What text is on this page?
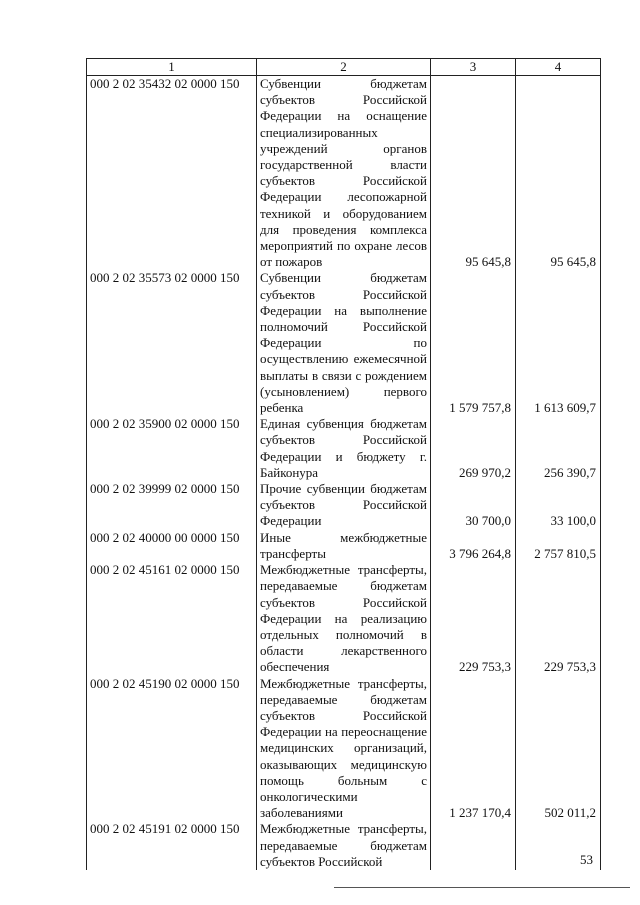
1	2	3	4
000 2 02 35432 02 0000 150	Субвенции бюджетам субъектов Российской Федерации на оснащение специализированных учреждений органов государственной власти субъектов Российской Федерации лесопожарной техникой и оборудованием для проведения комплекса мероприятий по охране лесов от пожаров	95 645,8	95 645,8
000 2 02 35573 02 0000 150	Субвенции бюджетам субъектов Российской Федерации на выполнение полномочий Российской Федерации по осуществлению ежемесячной выплаты в связи с рождением (усыновлением) первого ребенка	1 579 757,8	1 613 609,7
000 2 02 35900 02 0000 150	Единая субвенция бюджетам субъектов Российской Федерации и бюджету г. Байконура	269 970,2	256 390,7
000 2 02 39999 02 0000 150	Прочие субвенции бюджетам субъектов Российской Федерации	30 700,0	33 100,0
000 2 02 40000 00 0000 150	Иные межбюджетные трансферты	3 796 264,8	2 757 810,5
000 2 02 45161 02 0000 150	Межбюджетные трансферты, передаваемые бюджетам субъектов Российской Федерации на реализацию отдельных полномочий в области лекарственного обеспечения	229 753,3	229 753,3
000 2 02 45190 02 0000 150	Межбюджетные трансферты, передаваемые бюджетам субъектов Российской Федерации на переоснащение медицинских организаций, оказывающих медицинскую помощь больным с онкологическими заболеваниями	1 237 170,4	502 011,2
000 2 02 45191 02 0000 150	Межбюджетные трансферты, передаваемые бюджетам субъектов Российской			53
